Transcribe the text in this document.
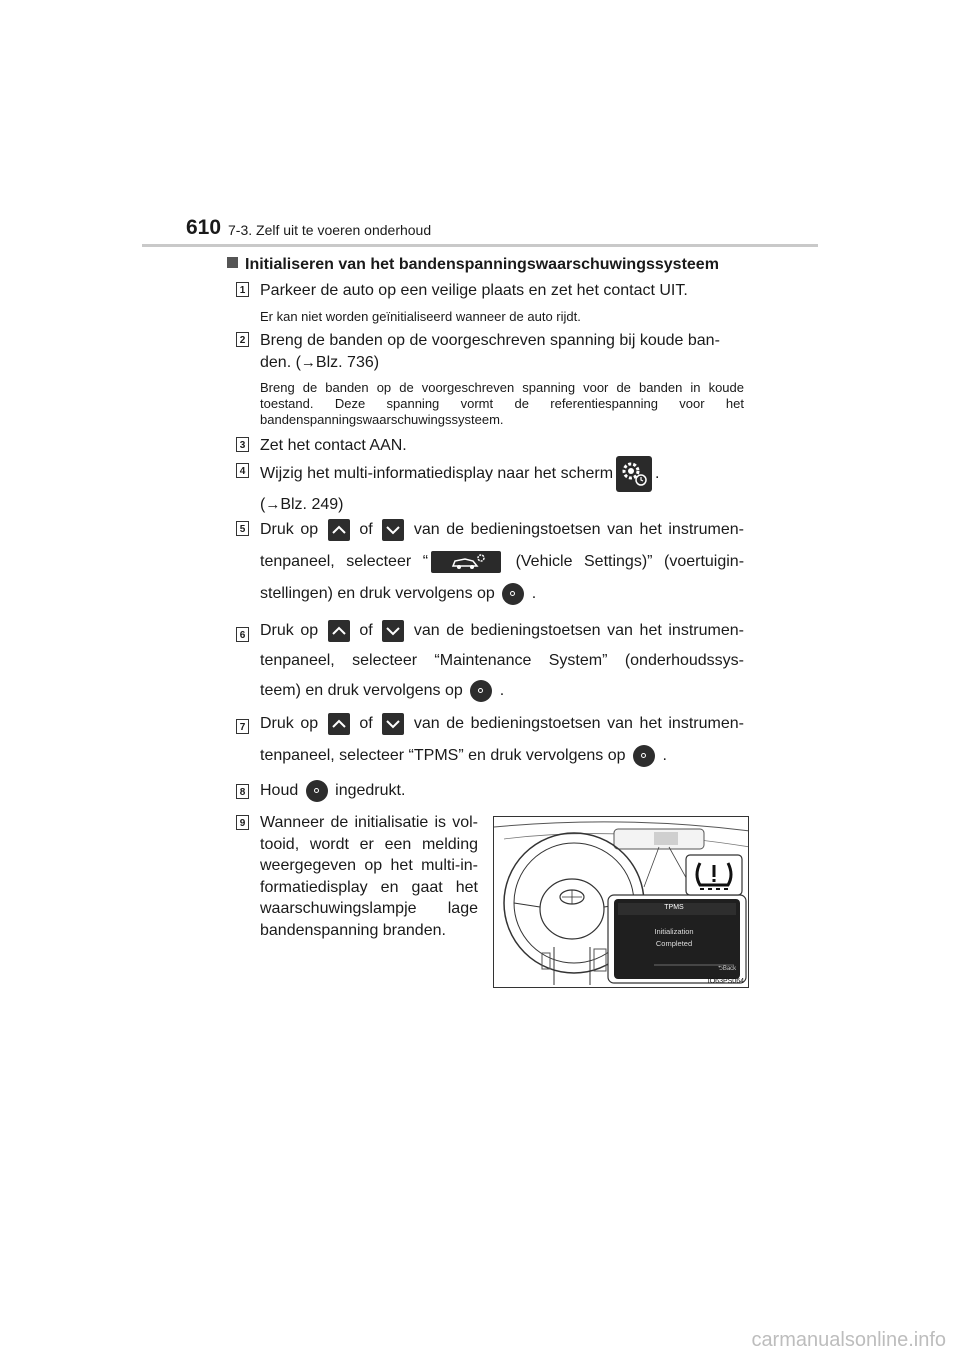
610 7-3. Zelf uit te voeren onderhoud
Initialiseren van het bandenspanningswaarschuwingssysteem
1 Parkeer de auto op een veilige plaats en zet het contact UIT.
Er kan niet worden geïnitialiseerd wanneer de auto rijdt.
2 Breng de banden op de voorgeschreven spanning bij koude ban-
den. (→Blz. 736)
Breng de banden op de voorgeschreven spanning voor de banden in koude toestand. Deze spanning vormt de referentiespanning voor het bandenspanningswaarschuwingssysteem.
3 Zet het contact AAN.
4 Wijzig het multi-informatiedisplay naar het scherm	.
(→Blz. 249)
5 Druk op	of	van de bedieningstoetsen van het instrumen-
tenpaneel, selecteer “	(Vehicle Settings)” (voertuigin-
stellingen) en druk vervolgens op .
6 Druk op	of	van de bedieningstoetsen van het instrumen-
tenpaneel, selecteer “Maintenance System” (onderhoudssys-
teem) en druk vervolgens op .
7 Druk op	of	van de bedieningstoetsen van het instrumen-
tenpaneel, selecteer “TPMS” en druk vervolgens op .
8 Houd ingedrukt.
9 Wanneer de initialisatie is vol-
tooid, wordt er een melding
weergegeven op het multi-in-
formatiedisplay en gaat het
waarschuwingslampje lage
bandenspanning branden.
IO63PS064
TPMS
Initialization
Completed
⮌Back
carmanualsonline.info
